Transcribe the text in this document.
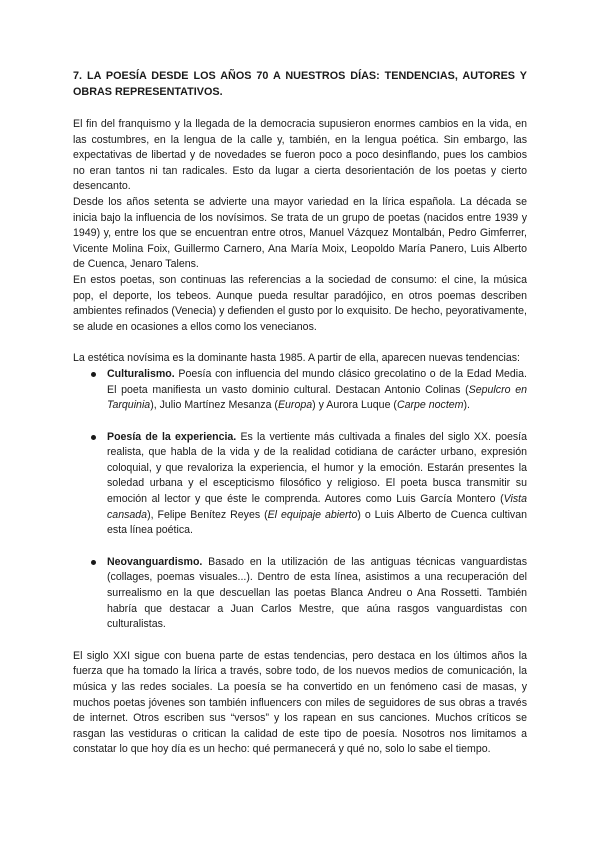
7. LA POESÍA DESDE LOS AÑOS 70 A NUESTROS DÍAS: TENDENCIAS, AUTORES Y OBRAS REPRESENTATIVOS.

El fin del franquismo y la llegada de la democracia supusieron enormes cambios en la vida, en las costumbres, en la lengua de la calle y, también, en la lengua poética. Sin embargo, las expectativas de libertad y de novedades se fueron poco a poco desinflando, pues los cambios no eran tantos ni tan radicales. Esto da lugar a cierta desorientación de los poetas y cierto desencanto.

Desde los años setenta se advierte una mayor variedad en la lírica española. La década se inicia bajo la influencia de los novísimos. Se trata de un grupo de poetas (nacidos entre 1939 y 1949) y, entre los que se encuentran entre otros, Manuel Vázquez Montalbán, Pedro Gimferrer, Vicente Molina Foix, Guillermo Carnero, Ana María Moix, Leopoldo María Panero, Luis Alberto de Cuenca, Jenaro Talens.

En estos poetas, son continuas las referencias a la sociedad de consumo: el cine, la música pop, el deporte, los tebeos. Aunque pueda resultar paradójico, en otros poemas describen ambientes refinados (Venecia) y defienden el gusto por lo exquisito. De hecho, peyorativamente, se alude en ocasiones a ellos como los venecianos.

La estética novísima es la dominante hasta 1985. A partir de ella, aparecen nuevas tendencias:

Culturalismo. Poesía con influencia del mundo clásico grecolatino o de la Edad Media. El poeta manifiesta un vasto dominio cultural. Destacan Antonio Colinas (Sepulcro en Tarquinia), Julio Martínez Mesanza (Europa) y Aurora Luque (Carpe noctem).
Poesía de la experiencia. Es la vertiente más cultivada a finales del siglo XX. poesía realista, que habla de la vida y de la realidad cotidiana de carácter urbano, expresión coloquial, y que revaloriza la experiencia, el humor y la emoción. Estarán presentes la soledad urbana y el escepticismo filosófico y religioso. El poeta busca transmitir su emoción al lector y que éste le comprenda. Autores como Luis García Montero (Vista cansada), Felipe Benítez Reyes (El equipaje abierto) o Luis Alberto de Cuenca cultivan esta línea poética.
Neovanguardismo. Basado en la utilización de las antiguas técnicas vanguardistas (collages, poemas visuales...). Dentro de esta línea, asistimos a una recuperación del surrealismo en la que descuellan las poetas Blanca Andreu o Ana Rossetti. También habría que destacar a Juan Carlos Mestre, que aúna rasgos vanguardistas con culturalistas.

El siglo XXI sigue con buena parte de estas tendencias, pero destaca en los últimos años la fuerza que ha tomado la lírica a través, sobre todo, de los nuevos medios de comunicación, la música y las redes sociales. La poesía se ha convertido en un fenómeno casi de masas, y muchos poetas jóvenes son también influencers con miles de seguidores de sus obras a través de internet. Otros escriben sus “versos” y los rapean en sus canciones. Muchos críticos se rasgan las vestiduras o critican la calidad de este tipo de poesía. Nosotros nos limitamos a constatar lo que hoy día es un hecho: qué permanecerá y qué no, solo lo sabe el tiempo.
